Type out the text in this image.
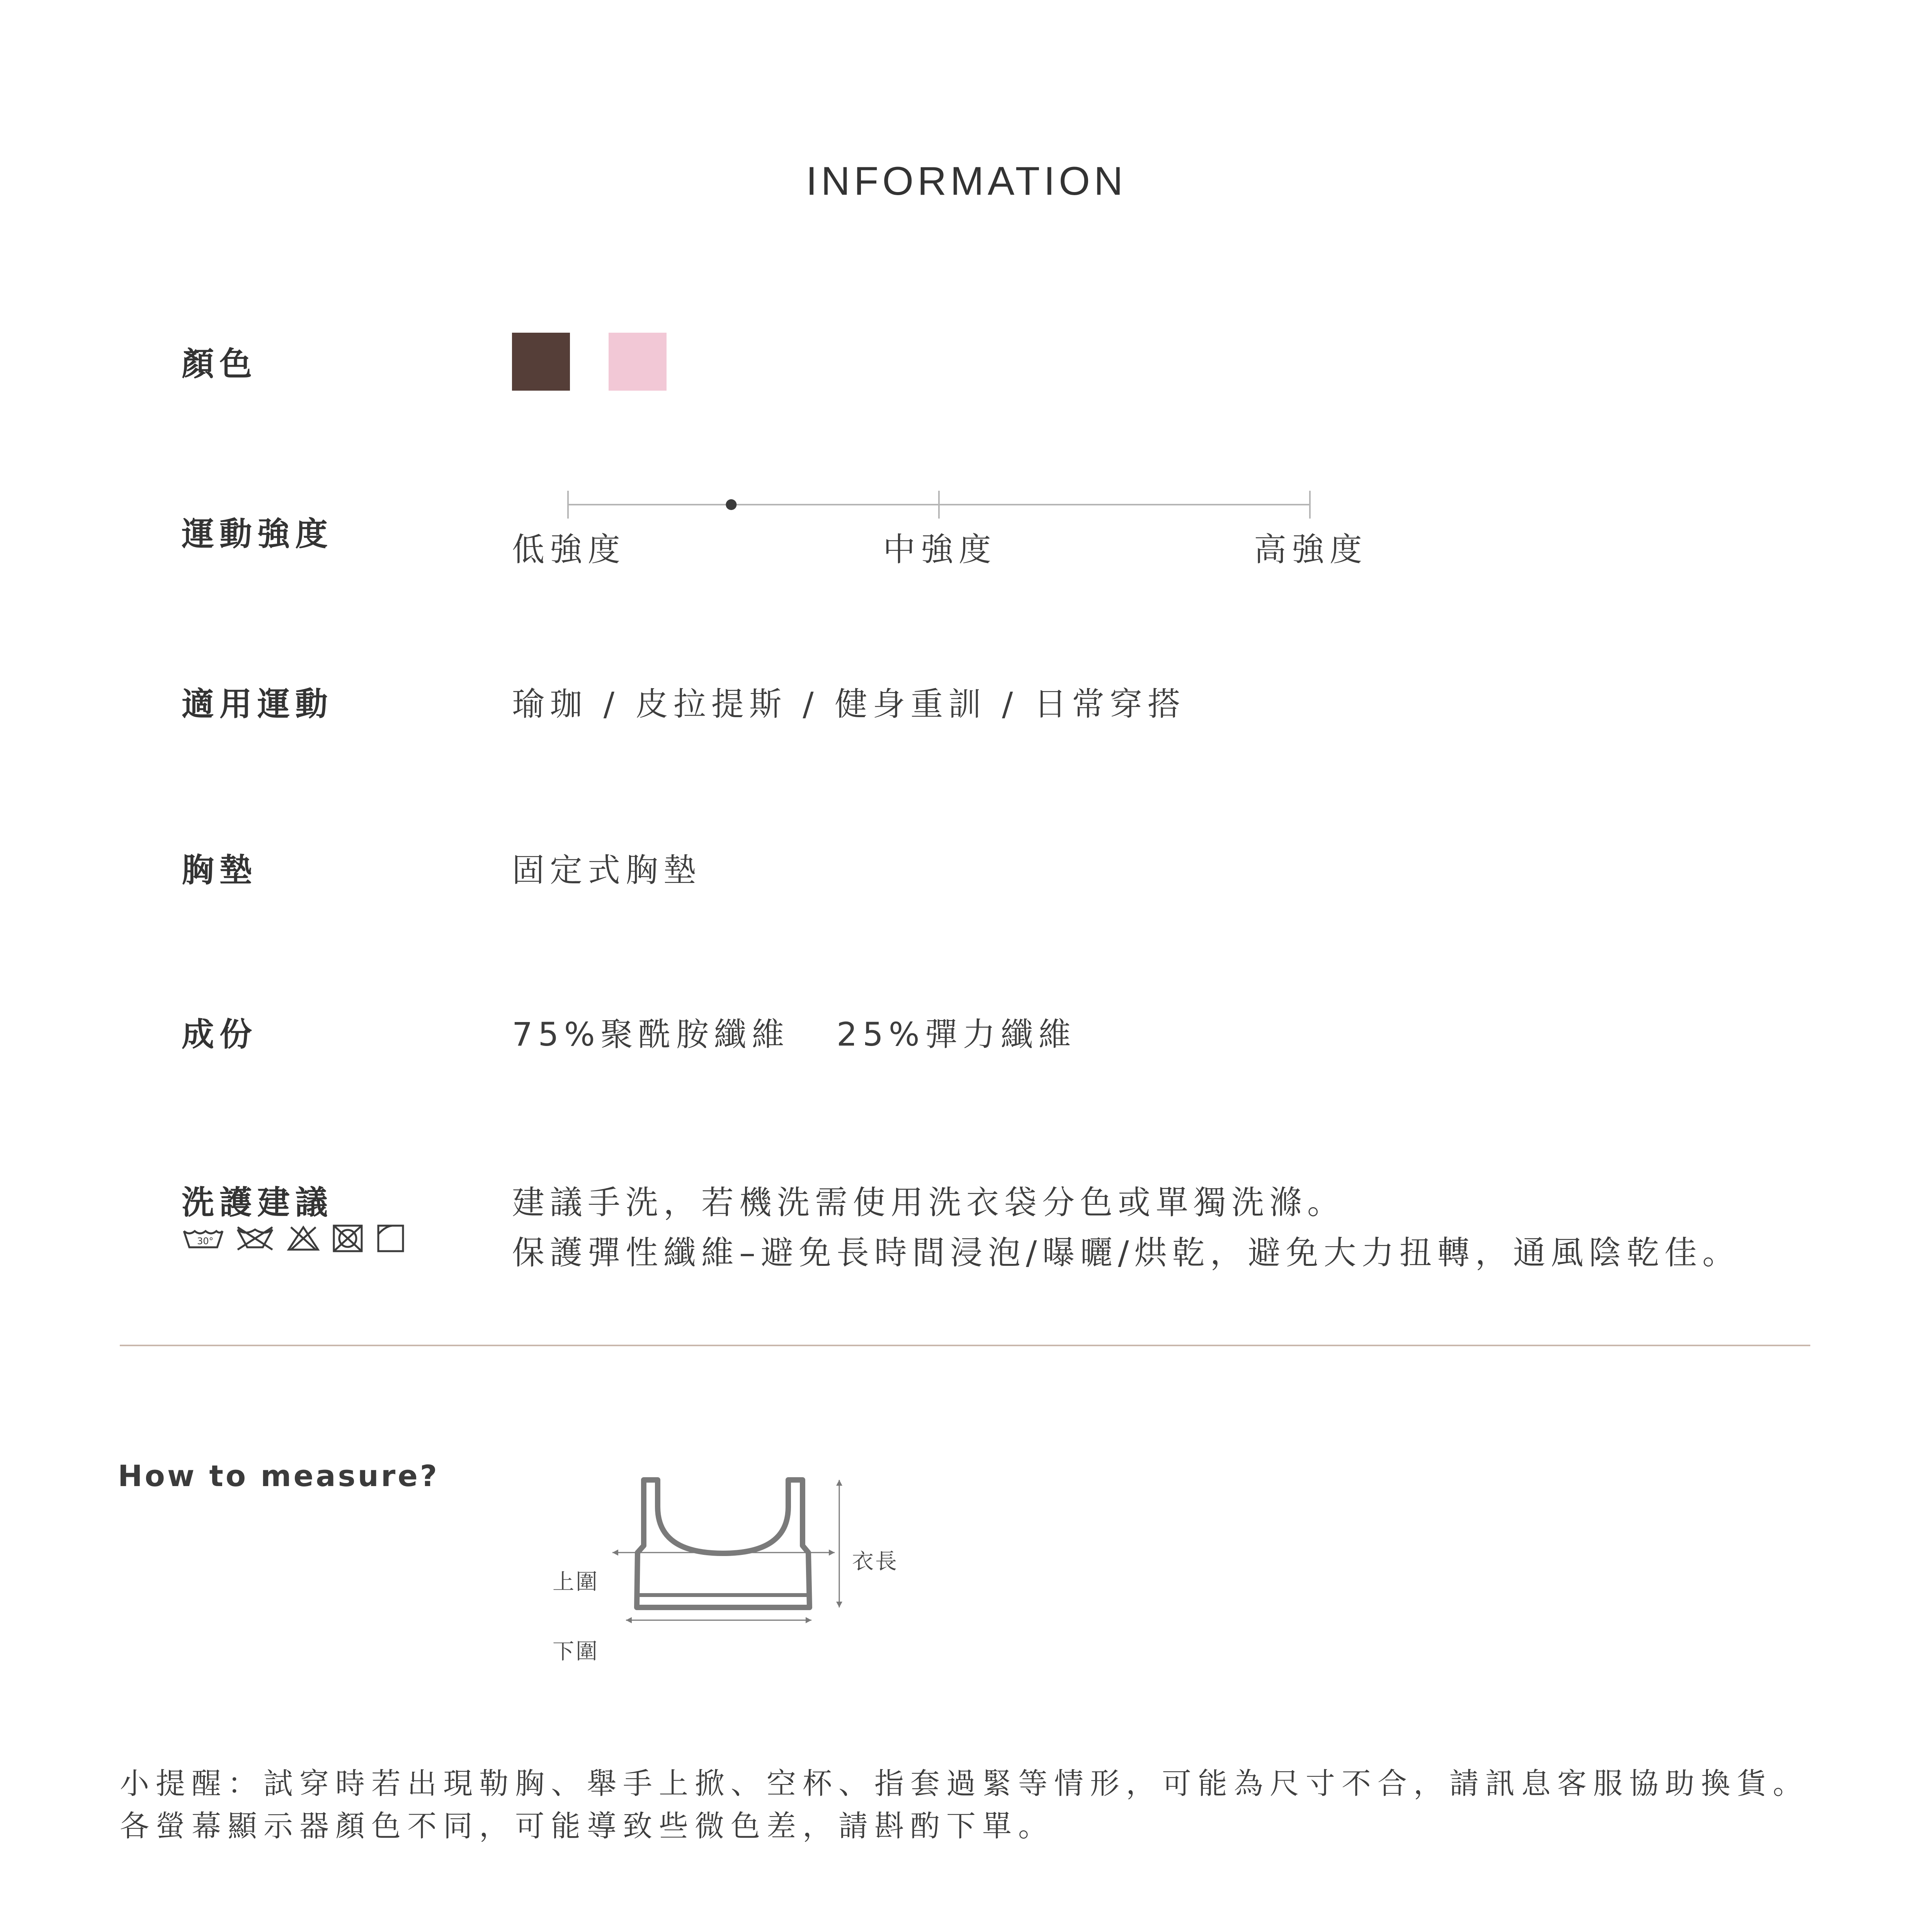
INFORMATION
顏色
運動強度	低強度	中強度	高強度
適用運動	瑜珈 / 皮拉提斯 / 健身重訓 / 日常穿搭
胸墊	固定式胸墊
成份	75%聚酰胺纖維 25%彈力纖維
洗護建議	建議手洗，若機洗需使用洗衣袋分色或單獨洗滌。
保護彈性纖維–避免長時間浸泡/曝曬/烘乾，避免大力扭轉，通風陰乾佳。
30°
How to measure?
衣長
上圍
下圍
小提醒：試穿時若出現勒胸、舉手上掀、空杯、指套過緊等情形，可能為尺寸不合，請訊息客服協助換貨。
各螢幕顯示器顏色不同，可能導致些微色差，請斟酌下單。
